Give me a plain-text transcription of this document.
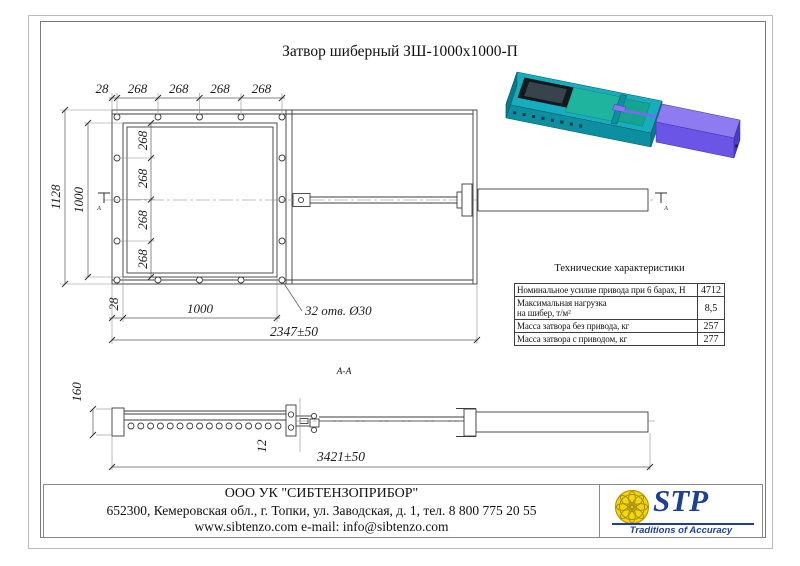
Затвор шиберный ЗШ-1000х1000-П
А	А
28 268 268 268 268
1128 1000
268
268
268
268
28	1000	32 отв. Ø30
2347±50
А-А
160
12
3421±50
Технические характеристики
Номинальное усилие привода при 6 барах, Н	4712
Максимальная нагрузка
на шибер, т/м²	8,5
Масса затвора без привода, кг	257
Масса затвора с приводом, кг	277
ООО УК "СИБТЕНЗОПРИБОР"
652300, Кемеровская обл., г. Топки, ул. Заводская, д. 1, тел. 8 800 775 20 55
www.sibtenzo.com e-mail: info@sibtenzo.com
STP
Traditions of Accuracy
